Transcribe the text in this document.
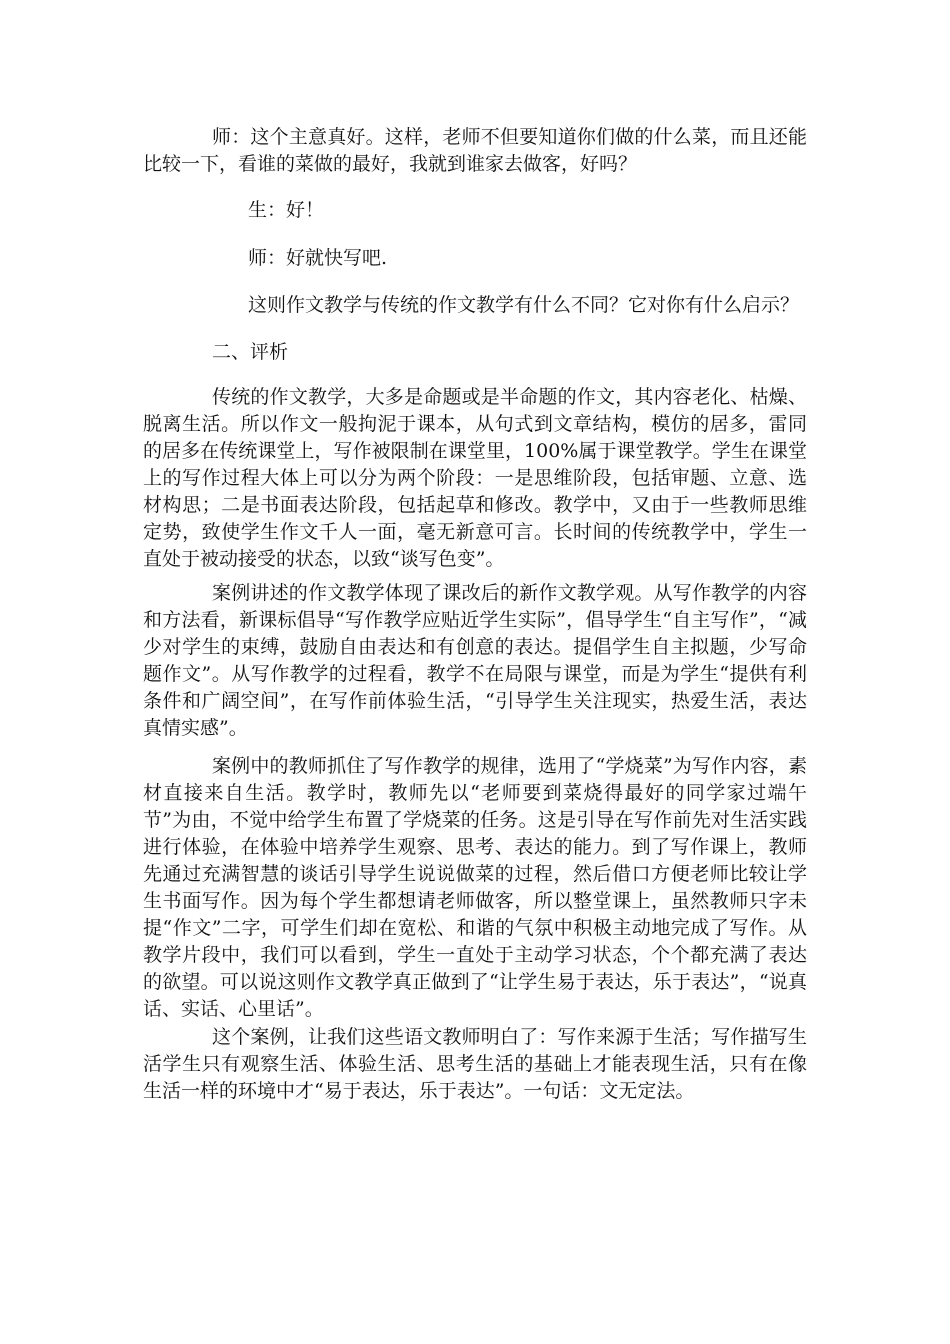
师：这个主意真好。这样，老师不但要知道你们做的什么菜，而且还能比较一下，看谁的菜做的最好，我就到谁家去做客，好吗？

生：好！

师：好就快写吧.

这则作文教学与传统的作文教学有什么不同？它对你有什么启示？

二、评析

传统的作文教学，大多是命题或是半命题的作文，其内容老化、枯燥、脱离生活。所以作文一般拘泥于课本，从句式到文章结构，模仿的居多，雷同的居多在传统课堂上，写作被限制在课堂里，100%属于课堂教学。学生在课堂上的写作过程大体上可以分为两个阶段：一是思维阶段，包括审题、立意、选材构思；二是书面表达阶段，包括起草和修改。教学中，又由于一些教师思维定势，致使学生作文千人一面，毫无新意可言。长时间的传统教学中，学生一直处于被动接受的状态，以致“谈写色变”。

案例讲述的作文教学体现了课改后的新作文教学观。从写作教学的内容和方法看，新课标倡导“写作教学应贴近学生实际”，倡导学生“自主写作”，“减少对学生的束缚，鼓励自由表达和有创意的表达。提倡学生自主拟题，少写命题作文”。从写作教学的过程看，教学不在局限与课堂，而是为学生“提供有利条件和广阔空间”，在写作前体验生活，“引导学生关注现实，热爱生活，表达真情实感”。

案例中的教师抓住了写作教学的规律，选用了“学烧菜”为写作内容，素材直接来自生活。教学时，教师先以“老师要到菜烧得最好的同学家过端午节”为由，不觉中给学生布置了学烧菜的任务。这是引导在写作前先对生活实践进行体验，在体验中培养学生观察、思考、表达的能力。到了写作课上，教师先通过充满智慧的谈话引导学生说说做菜的过程，然后借口方便老师比较让学生书面写作。因为每个学生都想请老师做客，所以整堂课上，虽然教师只字未提“作文”二字，可学生们却在宽松、和谐的气氛中积极主动地完成了写作。从教学片段中，我们可以看到，学生一直处于主动学习状态，个个都充满了表达的欲望。可以说这则作文教学真正做到了“让学生易于表达，乐于表达”，“说真话、实话、心里话”。

这个案例，让我们这些语文教师明白了：写作来源于生活；写作描写生活学生只有观察生活、体验生活、思考生活的基础上才能表现生活，只有在像生活一样的环境中才“易于表达，乐于表达”。一句话：文无定法。
